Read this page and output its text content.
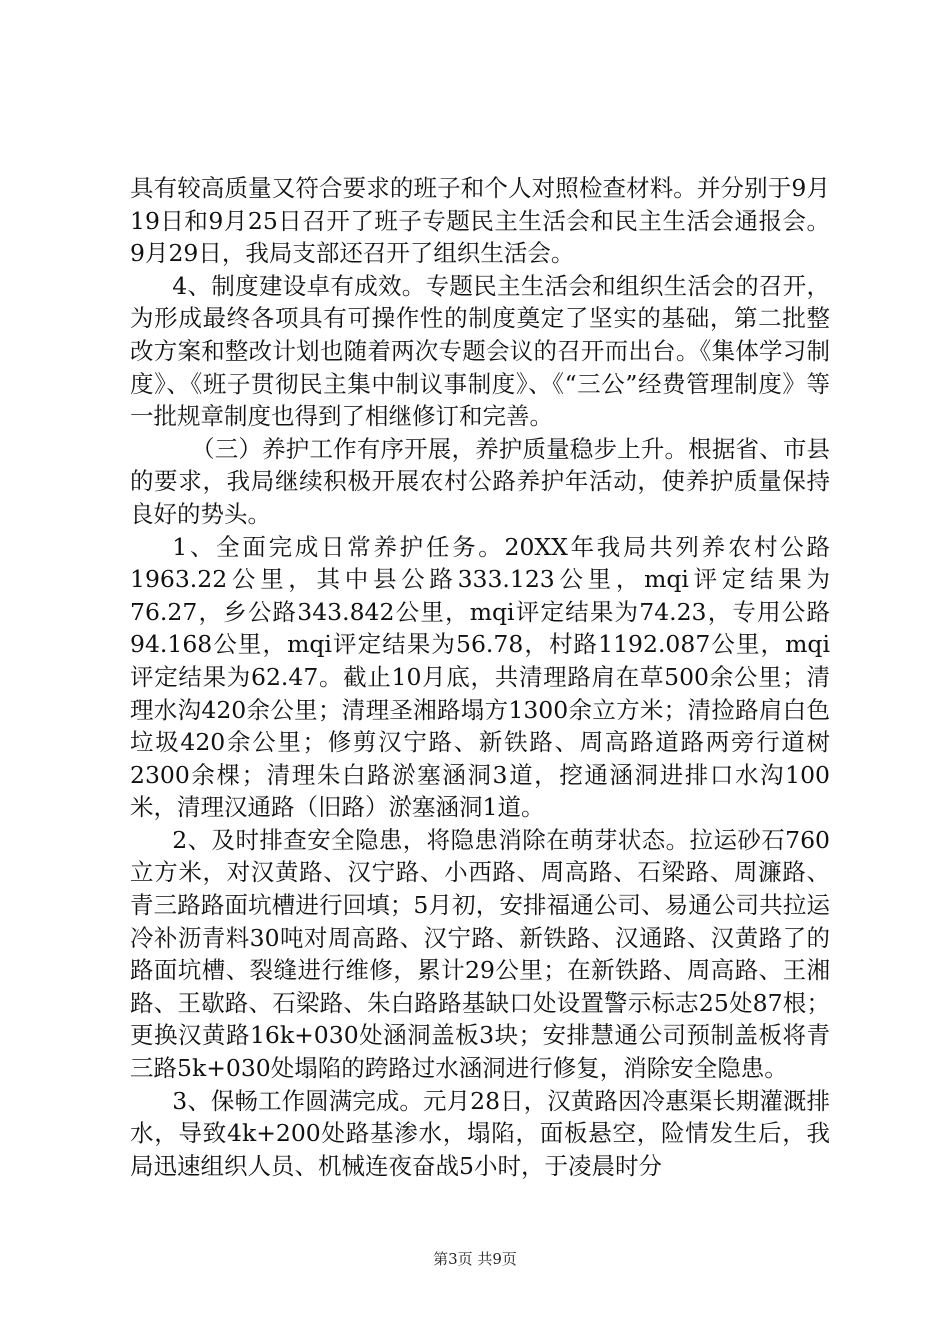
具有较高质量又符合要求的班子和个人对照检查材料。并分别于9月19日和9月25日召开了班子专题民主生活会和民主生活会通报会。9月29日，我局支部还召开了组织生活会。

4、制度建设卓有成效。专题民主生活会和组织生活会的召开，为形成最终各项具有可操作性的制度奠定了坚实的基础，第二批整改方案和整改计划也随着两次专题会议的召开而出台。《集体学习制度》、《班子贯彻民主集中制议事制度》、《“三公”经费管理制度》等一批规章制度也得到了相继修订和完善。

（三）养护工作有序开展，养护质量稳步上升。根据省、市县的要求，我局继续积极开展农村公路养护年活动，使养护质量保持良好的势头。

1、全面完成日常养护任务。20XX年我局共列养农村公路1963.22公里，其中县公路333.123公里，mqi评定结果为76.27，乡公路343.842公里，mqi评定结果为74.23，专用公路94.168公里，mqi评定结果为56.78，村路1192.087公里，mqi评定结果为62.47。截止10月底，共清理路肩在草500余公里；清理水沟420余公里；清理圣湘路塌方1300余立方米；清捡路肩白色垃圾420余公里；修剪汉宁路、新铁路、周高路道路两旁行道树2300余棵；清理朱白路淤塞涵洞3道，挖通涵洞进排口水沟100米，清理汉通路（旧路）淤塞涵洞1道。

2、及时排查安全隐患，将隐患消除在萌芽状态。拉运砂石760立方米，对汉黄路、汉宁路、小西路、周高路、石梁路、周濂路、青三路路面坑槽进行回填；5月初，安排福通公司、易通公司共拉运冷补沥青料30吨对周高路、汉宁路、新铁路、汉通路、汉黄路了的路面坑槽、裂缝进行维修，累计29公里；在新铁路、周高路、王湘路、王歇路、石梁路、朱白路路基缺口处设置警示标志25处87根；更换汉黄路16k+030处涵洞盖板3块；安排慧通公司预制盖板将青三路5k+030处塌陷的跨路过水涵洞进行修复，消除安全隐患。

3、保畅工作圆满完成。元月28日，汉黄路因冷惠渠长期灌溉排水，导致4k+200处路基渗水，塌陷，面板悬空，险情发生后，我局迅速组织人员、机械连夜奋战5小时，于凌晨时分

第3页 共9页
